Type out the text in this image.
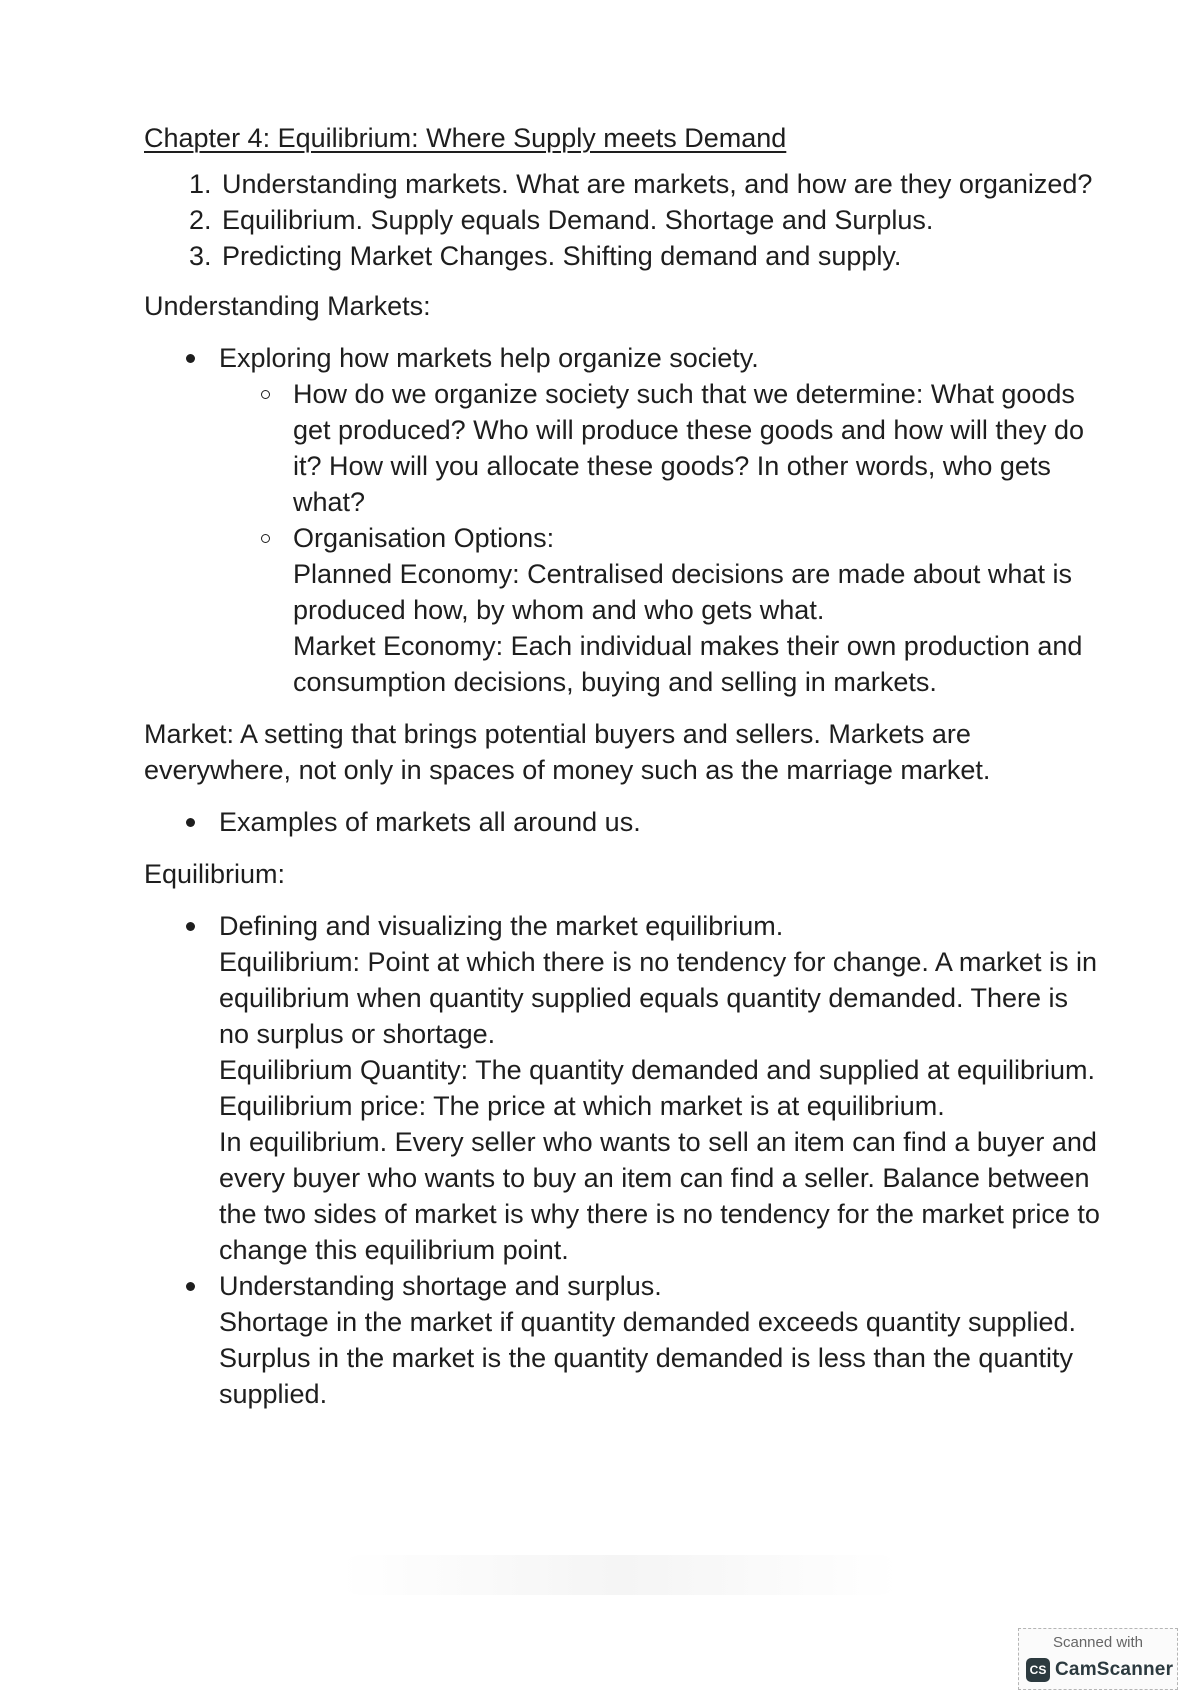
Chapter 4: Equilibrium: Where Supply meets Demand
1. Understanding markets. What are markets, and how are they organized?
2. Equilibrium. Supply equals Demand. Shortage and Surplus.
3. Predicting Market Changes. Shifting demand and supply.

Understanding Markets:

Exploring how markets help organize society.
How do we organize society such that we determine: What goods get produced? Who will produce these goods and how will they do it? How will you allocate these goods? In other words, who gets what?

Organisation Options:

Planned Economy: Centralised decisions are made about what is produced how, by whom and who gets what.

Market Economy: Each individual makes their own production and consumption decisions, buying and selling in markets.

Market: A setting that brings potential buyers and sellers. Markets are everywhere, not only in spaces of money such as the marriage market.

Examples of markets all around us.

Equilibrium:

Defining and visualizing the market equilibrium.

Equilibrium: Point at which there is no tendency for change. A market is in equilibrium when quantity supplied equals quantity demanded. There is no surplus or shortage.

Equilibrium Quantity: The quantity demanded and supplied at equilibrium.

Equilibrium price: The price at which market is at equilibrium.

In equilibrium. Every seller who wants to sell an item can find a buyer and every buyer who wants to buy an item can find a seller. Balance between the two sides of market is why there is no tendency for the market price to change this equilibrium point.

Understanding shortage and surplus.

Shortage in the market if quantity demanded exceeds quantity supplied. Surplus in the market is the quantity demanded is less than the quantity supplied.

Scanned with
CS CamScanner
